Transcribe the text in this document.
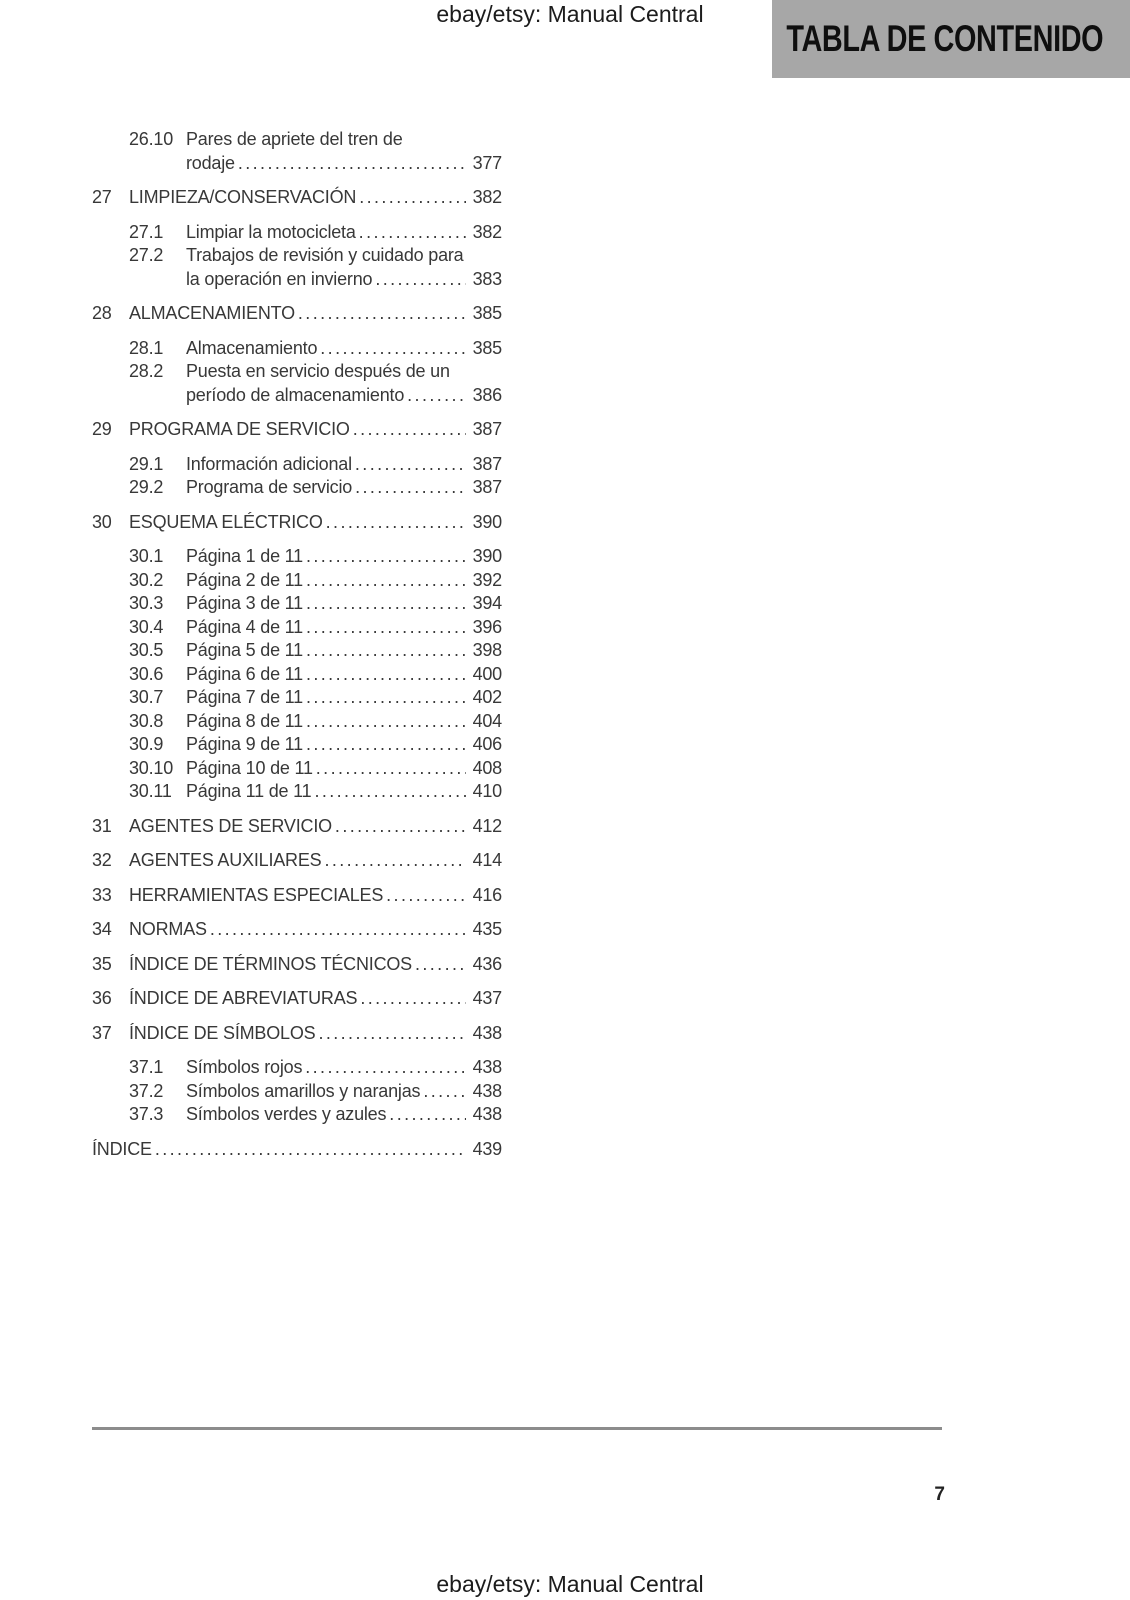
ebay/etsy: Manual Central
TABLA DE CONTENIDO
26.10 Pares de apriete del tren de
rodaje .....	377
27 LIMPIEZA/CONSERVACIÓN .....	382
27.1	Limpiar la motocicleta .....	382
27.2	Trabajos de revisión y cuidado para
la operación en invierno .....	383
28 ALMACENAMIENTO .....	385
28.1	Almacenamiento .....	385
28.2	Puesta en servicio después de un
período de almacenamiento .....	386
29 PROGRAMA DE SERVICIO .....	387
29.1	Información adicional .....	387
29.2	Programa de servicio .....	387
30 ESQUEMA ELÉCTRICO .....	390
30.1	Página 1 de 11 .....	390
30.2	Página 2 de 11 .....	392
30.3	Página 3 de 11 .....	394
30.4	Página 4 de 11 .....	396
30.5	Página 5 de 11 .....	398
30.6	Página 6 de 11 .....	400
30.7	Página 7 de 11 .....	402
30.8	Página 8 de 11 .....	404
30.9	Página 9 de 11 .....	406
30.10 Página 10 de 11 .....	408
30.11 Página 11 de 11 .....	410
31 AGENTES DE SERVICIO .....	412
32 AGENTES AUXILIARES .....	414
33 HERRAMIENTAS ESPECIALES .....	416
34 NORMAS .....	435
35 ÍNDICE DE TÉRMINOS TÉCNICOS .....	436
36 ÍNDICE DE ABREVIATURAS .....	437
37 ÍNDICE DE SÍMBOLOS .....	438
37.1	Símbolos rojos .....	438
37.2	Símbolos amarillos y naranjas .....	438
37.3	Símbolos verdes y azules .....	438
ÍNDICE .....	439
7
ebay/etsy: Manual Central
